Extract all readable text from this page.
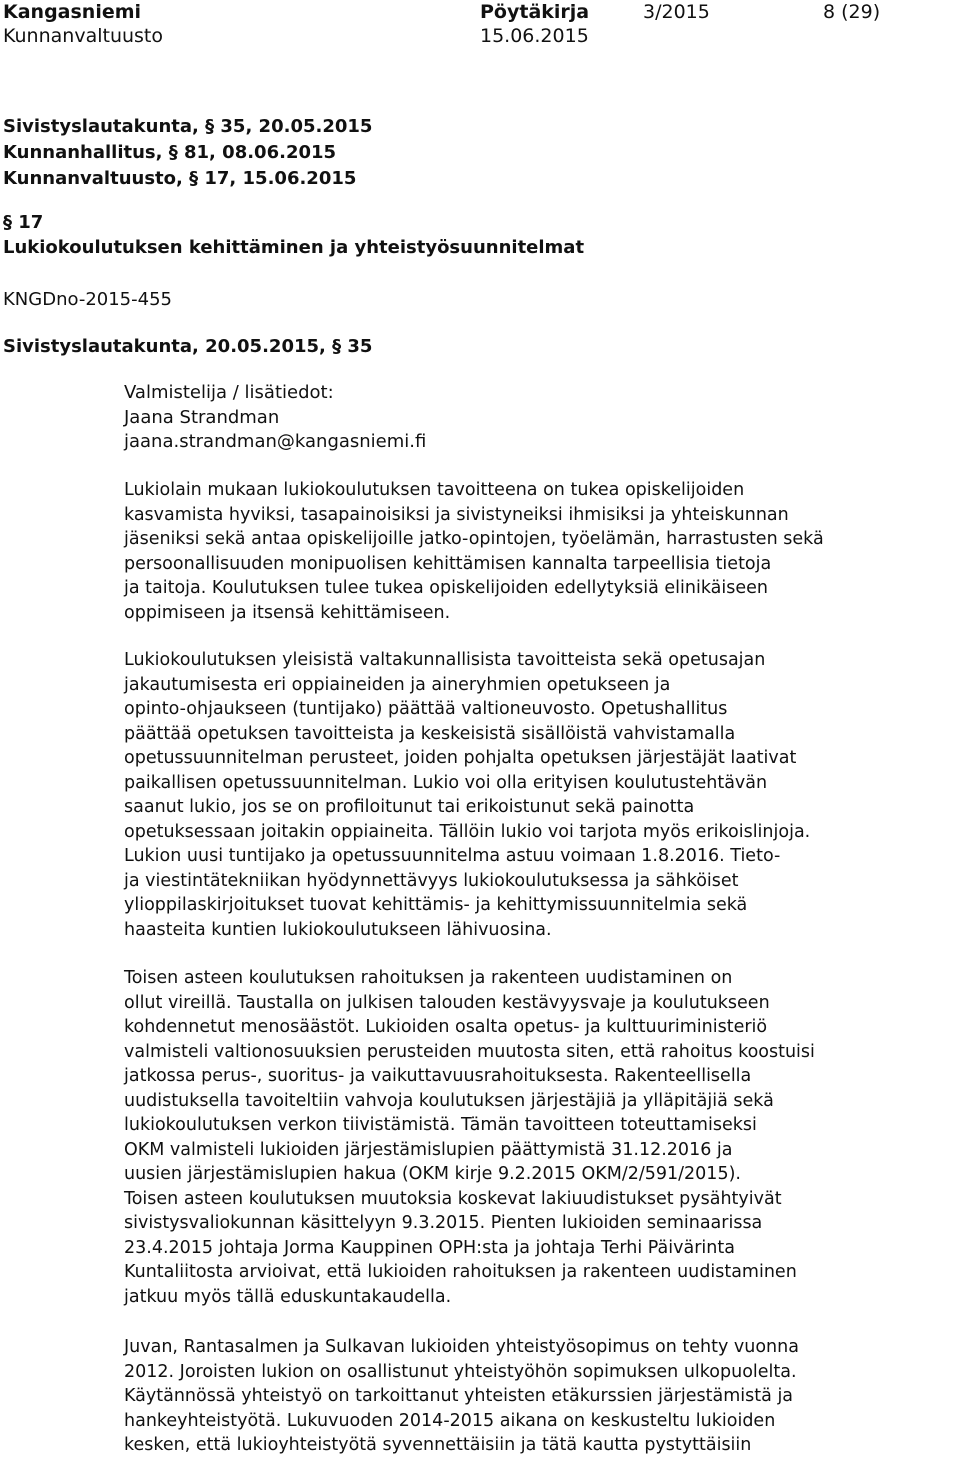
Kangasniemi
Kunnanvaltuusto
Pöytäkirja
15.06.2015
3/2015	8 (29)
Sivistyslautakunta, § 35, 20.05.2015
Kunnanhallitus, § 81, 08.06.2015
Kunnanvaltuusto, § 17, 15.06.2015
§ 17
Lukiokoulutuksen kehittäminen ja yhteistyösuunnitelmat
KNGDno-2015-455
Sivistyslautakunta, 20.05.2015, § 35
Valmistelija / lisätiedot:
Jaana Strandman
jaana.strandman@kangasniemi.fi
Lukiolain mukaan lukiokoulutuksen tavoitteena on tukea opiskelijoiden
kasvamista hyviksi, tasapainoisiksi ja sivistyneiksi ihmisiksi ja yhteiskunnan
jäseniksi sekä antaa opiskelijoille jatko-opintojen, työelämän, harrastusten sekä
persoonallisuuden monipuolisen kehittämisen kannalta tarpeellisia tietoja
ja taitoja. Koulutuksen tulee tukea opiskelijoiden edellytyksiä elinikäiseen
oppimiseen ja itsensä kehittämiseen.
Lukiokoulutuksen yleisistä valtakunnallisista tavoitteista sekä opetusajan
jakautumisesta eri oppiaineiden ja aineryhmien opetukseen ja
opinto-ohjaukseen (tuntijako) päättää valtioneuvosto. Opetushallitus
päättää opetuksen tavoitteista ja keskeisistä sisällöistä vahvistamalla
opetussuunnitelman perusteet, joiden pohjalta opetuksen järjestäjät laativat
paikallisen opetussuunnitelman. Lukio voi olla erityisen koulutustehtävän
saanut lukio, jos se on profiloitunut tai erikoistunut sekä painotta
opetuksessaan joitakin oppiaineita. Tällöin lukio voi tarjota myös erikoislinjoja.
Lukion uusi tuntijako ja opetussuunnitelma astuu voimaan 1.8.2016. Tieto-
ja viestintätekniikan hyödynnettävyys lukiokoulutuksessa ja sähköiset
ylioppilaskirjoitukset tuovat kehittämis- ja kehittymissuunnitelmia sekä
haasteita kuntien lukiokoulutukseen lähivuosina.
Toisen asteen koulutuksen rahoituksen ja rakenteen uudistaminen on
ollut vireillä. Taustalla on julkisen talouden kestävyysvaje ja koulutukseen
kohdennetut menosäästöt. Lukioiden osalta opetus- ja kulttuuriministeriö
valmisteli valtionosuuksien perusteiden muutosta siten, että rahoitus koostuisi
jatkossa perus-, suoritus- ja vaikuttavuusrahoituksesta. Rakenteellisella
uudistuksella tavoiteltiin vahvoja koulutuksen järjestäjiä ja ylläpitäjiä sekä
lukiokoulutuksen verkon tiivistämistä. Tämän tavoitteen toteuttamiseksi
OKM valmisteli lukioiden järjestämislupien päättymistä 31.12.2016 ja
uusien järjestämislupien hakua (OKM kirje 9.2.2015 OKM/2/591/2015).
Toisen asteen koulutuksen muutoksia koskevat lakiuudistukset pysähtyivät
sivistysvaliokunnan käsittelyyn 9.3.2015. Pienten lukioiden seminaarissa
23.4.2015 johtaja Jorma Kauppinen OPH:sta ja johtaja Terhi Päivärinta
Kuntaliitosta arvioivat, että lukioiden rahoituksen ja rakenteen uudistaminen
jatkuu myös tällä eduskuntakaudella.
Juvan, Rantasalmen ja Sulkavan lukioiden yhteistyösopimus on tehty vuonna
2012. Joroisten lukion on osallistunut yhteistyöhön sopimuksen ulkopuolelta.
Käytännössä yhteistyö on tarkoittanut yhteisten etäkurssien järjestämistä ja
hankeyhteistyötä. Lukuvuoden 2014-2015 aikana on keskusteltu lukioiden
kesken, että lukioyhteistyötä syvennettäisiin ja tätä kautta pystyttäisiin
